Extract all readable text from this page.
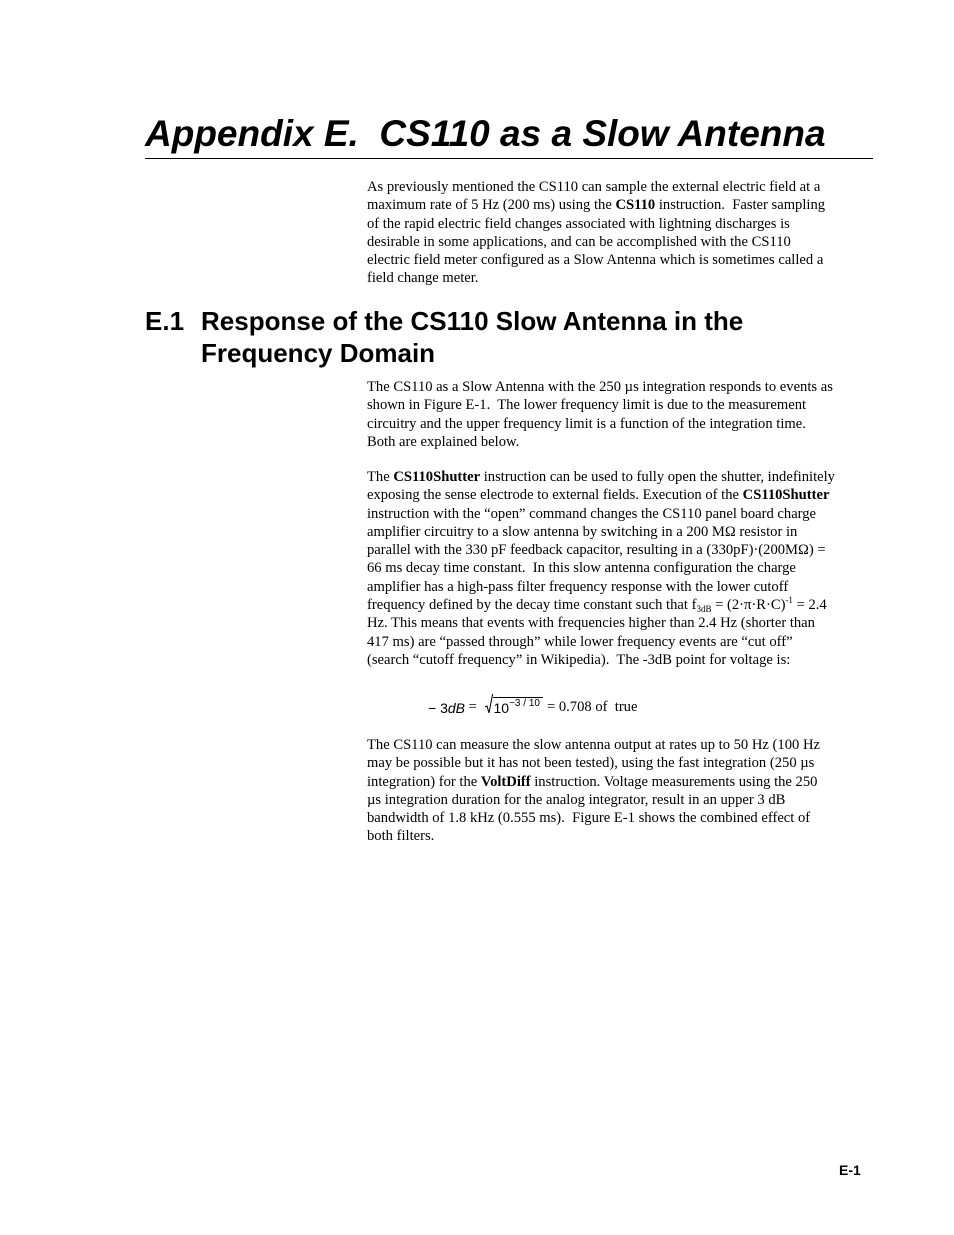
Appendix E.  CS110 as a Slow Antenna
As previously mentioned the CS110 can sample the external electric field at a
maximum rate of 5 Hz (200 ms) using the CS110 instruction.  Faster sampling
of the rapid electric field changes associated with lightning discharges is
desirable in some applications, and can be accomplished with the CS110
electric field meter configured as a Slow Antenna which is sometimes called a
field change meter.
E.1 Response of the CS110 Slow Antenna in the
Frequency Domain
The CS110 as a Slow Antenna with the 250 µs integration responds to events as
shown in Figure E-1.  The lower frequency limit is due to the measurement
circuitry and the upper frequency limit is a function of the integration time.
Both are explained below.
The CS110Shutter instruction can be used to fully open the shutter, indefinitely
exposing the sense electrode to external fields. Execution of the CS110Shutter
instruction with the “open” command changes the CS110 panel board charge
amplifier circuitry to a slow antenna by switching in a 200 MΩ resistor in
parallel with the 330 pF feedback capacitor, resulting in a (330pF)·(200MΩ) =
66 ms decay time constant.  In this slow antenna configuration the charge
amplifier has a high-pass filter frequency response with the lower cutoff
frequency defined by the decay time constant such that $f_{3dB} = (2\cdot\pi\cdot R\cdot C)^{-1} = 2.4$
Hz. This means that events with frequencies higher than 2.4 Hz (shorter than
417 ms) are “passed through” while lower frequency events are “cut off”
(search “cutoff frequency” in Wikipedia).  The -3dB point for voltage is:
− $3dB = 10^{-3 / 10} = 0.708$ of  true
The CS110 can measure the slow antenna output at rates up to 50 Hz (100 Hz
may be possible but it has not been tested), using the fast integration (250 µs
integration) for the VoltDiff instruction. Voltage measurements using the 250
µs integration duration for the analog integrator, result in an upper 3 dB
bandwidth of 1.8 kHz (0.555 ms).  Figure E-1 shows the combined effect of
both filters.
E-1
